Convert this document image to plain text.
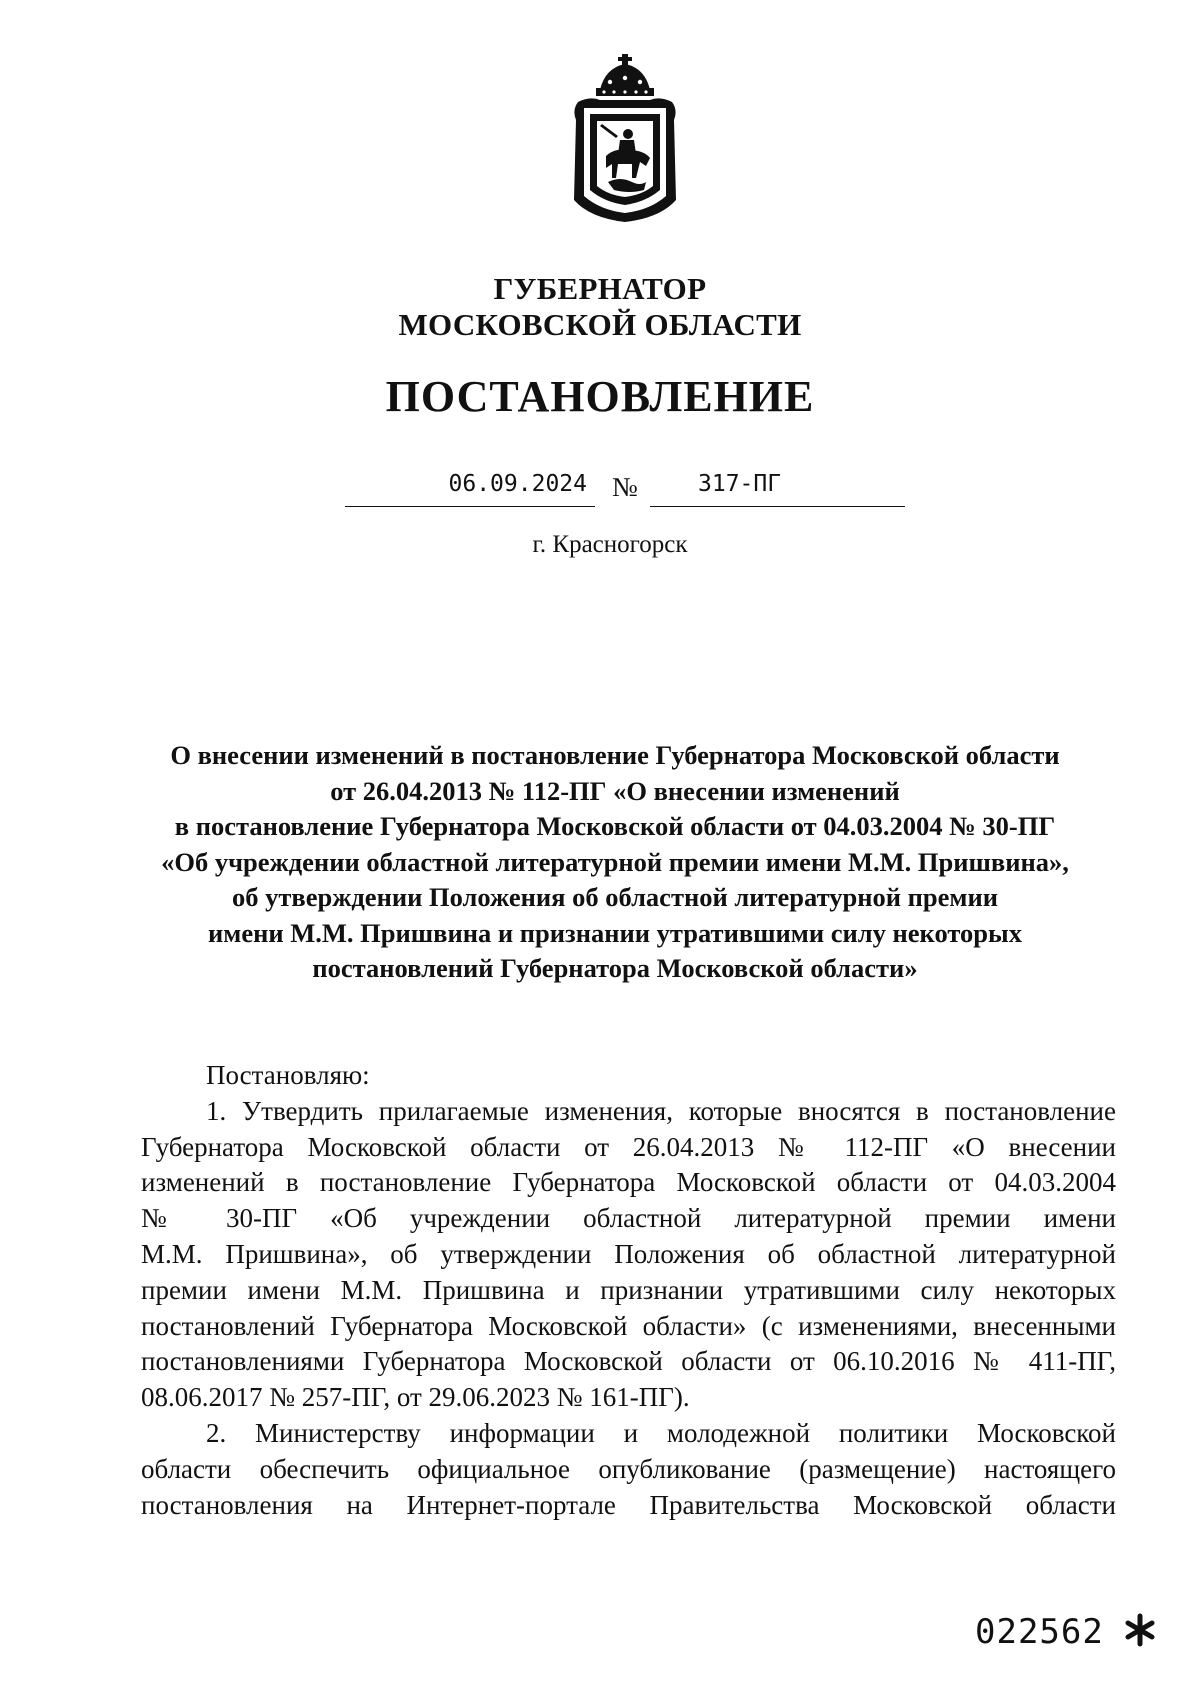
ГУБЕРНАТОР
МОСКОВСКОЙ ОБЛАСТИ
ПОСТАНОВЛЕНИЕ
06.09.2024 №	317-ПГ
г. Красногорск
О внесении изменений в постановление Губернатора Московской области
от 26.04.2013 № 112-ПГ «О внесении изменений
в постановление Губернатора Московской области от 04.03.2004 № 30-ПГ
«Об учреждении областной литературной премии имени М.М. Пришвина»,
об утверждении Положения об областной литературной премии
имени М.М. Пришвина и признании утратившими силу некоторых
постановлений Губернатора Московской области»

Постановляю:

1. Утвердить прилагаемые изменения, которые вносятся в постановление
Губернатора Московской области от 26.04.2013 № 112-ПГ «О внесении
изменений в постановление Губернатора Московской области от 04.03.2004
№ 30-ПГ «Об учреждении областной литературной премии имени
М.М. Пришвина», об утверждении Положения об областной литературной
премии имени М.М. Пришвина и признании утратившими силу некоторых
постановлений Губернатора Московской области» (с изменениями, внесенными
постановлениями Губернатора Московской области от 06.10.2016 № 411-ПГ,
08.06.2017 № 257-ПГ, от 29.06.2023 № 161-ПГ).
2. Министерству информации и молодежной политики Московской
области обеспечить официальное опубликование (размещение) настоящего
постановления на Интернет-портале Правительства Московской области
022562
